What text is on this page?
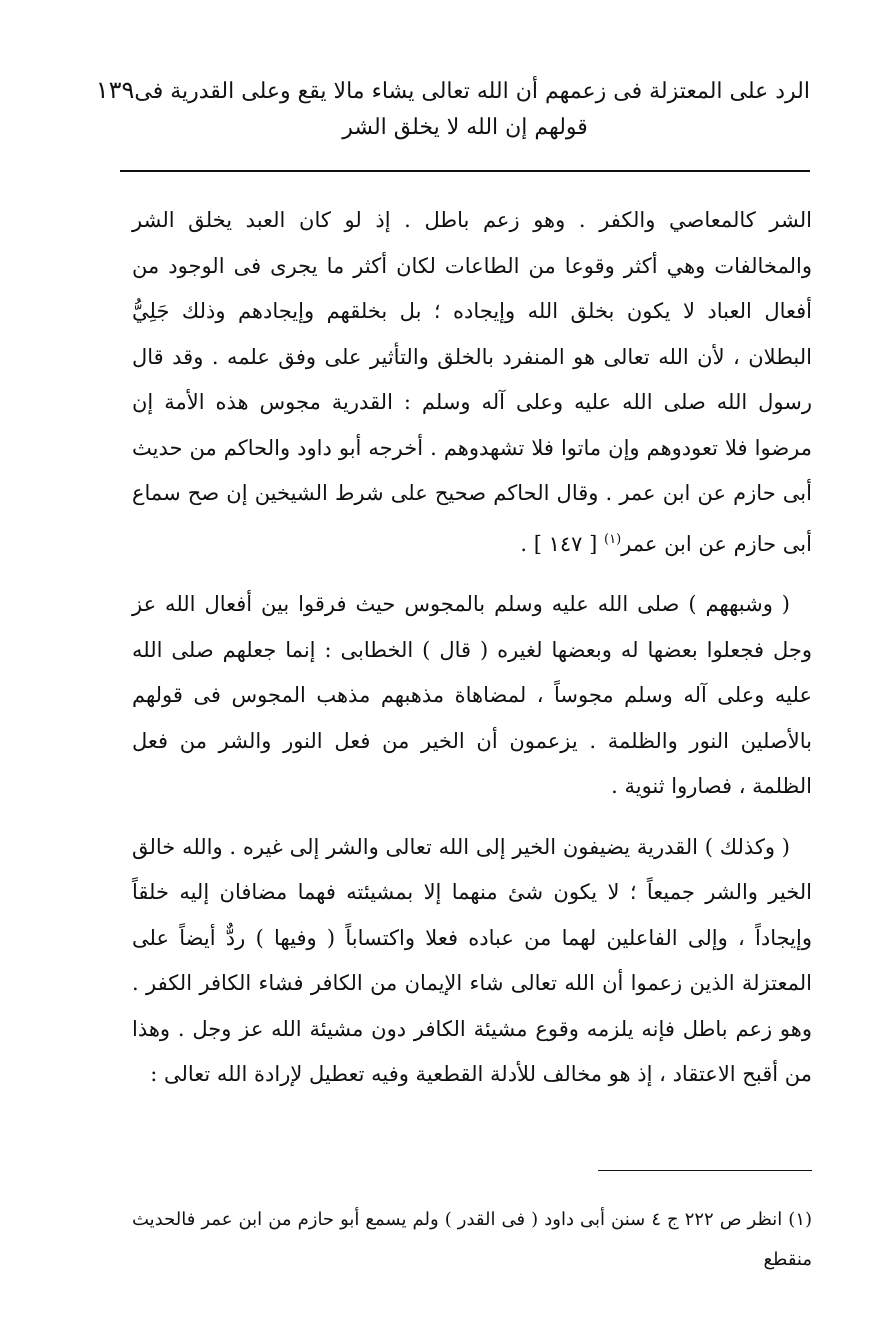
الرد على المعتزلة فى زعمهم أن الله تعالى يشاء مالا يقع وعلى القدرية فى
١٣٩
قولهم إن الله لا يخلق الشر

الشر كالمعاصي والكفر . وهو زعم باطل . إذ لو كان العبد يخلق الشر والمخالفات وهي أكثر وقوعا من الطاعات لكان أكثر ما يجرى فى الوجود من أفعال العباد لا يكون بخلق الله وإيجاده ؛ بل بخلقهم وإيجادهم وذلك جَلِيُّ البطلان ، لأن الله تعالى هو المنفرد بالخلق والتأثير على وفق علمه . وقد قال رسول الله صلى الله عليه وعلى آله وسلم : القدرية مجوس هذه الأمة إن مرضوا فلا تعودوهم وإن ماتوا فلا تشهدوهم . أخرجه أبو داود والحاكم من حديث أبى حازم عن ابن عمر . وقال الحاكم صحيح على شرط الشيخين إن صح سماع أبى حازم عن ابن عمر$^{(١)}$ [ ١٤٧ ] .

( وشبههم ) صلى الله عليه وسلم بالمجوس حيث فرقوا بين أفعال الله عز وجل فجعلوا بعضها له وبعضها لغيره ( قال ) الخطابى : إنما جعلهم صلى الله عليه وعلى آله وسلم مجوساً ، لمضاهاة مذهبهم مذهب المجوس فى قولهم بالأصلين النور والظلمة . يزعمون أن الخير من فعل النور والشر من فعل الظلمة ، فصاروا ثنوية .

( وكذلك ) القدرية يضيفون الخير إلى الله تعالى والشر إلى غيره . والله خالق الخير والشر جميعاً ؛ لا يكون شئ منهما إلا بمشيئته فهما مضافان إليه خلقاً وإيجاداً ، وإلى الفاعلين لهما من عباده فعلا واكتساباً ( وفيها ) ردٌّ أيضاً على المعتزلة الذين زعموا أن الله تعالى شاء الإيمان من الكافر فشاء الكافر الكفر . وهو زعم باطل فإنه يلزمه وقوع مشيئة الكافر دون مشيئة الله عز وجل . وهذا من أقبح الاعتقاد ، إذ هو مخالف للأدلة القطعية وفيه تعطيل لإرادة الله تعالى :

(١) انظر ص ٢٢٢ ج ٤ سنن أبى داود ( فى القدر ) ولم يسمع أبو حازم من ابن عمر فالحديث منقطع
